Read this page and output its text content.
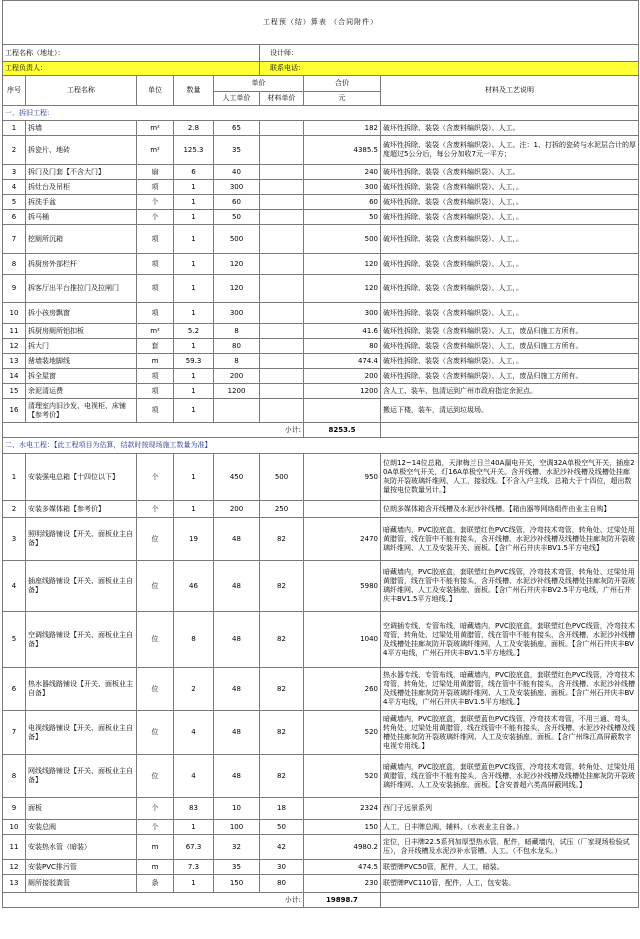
工程预（结）算表 （合同附件）							
工程名称（地址）：					设计师：		
工程负责人：					联系电话：		
序号	工程名称	单位	数量	单价		合价	材料及工艺说明
				人工单价	材料单价	元	
一、拆旧工程:							
1	拆墙	m²	2.8	65		182	破坏性拆除、装袋（含废料编织袋）、人工。
2	拆瓷片、地砖	m²	125.3	35		4385.5	破坏性拆除、装袋（含废料编织袋）、人工。注：1、打拆的瓷砖与水泥层合计的厚度超过5公分后，每公分加收7元一平方；
3	拆门及门套【不含大门】	扇	6	40		240	破坏性拆除、装袋（含废料编织袋）、人工。
4	拆灶台及吊柜	项	1	300		300	破坏性拆除、装袋（含废料编织袋）、人工，。
5	拆洗手盆	个	1	60		60	破坏性拆除、装袋（含废料编织袋）、人工，。
6	拆马桶	个	1	50		50	破坏性拆除、装袋（含废料编织袋）、人工，。
7	挖厕所沉箱	项	1	500		500	破坏性拆除、装袋（含废料编织袋）、人工，。
8	拆厨房外部栏杆	项	1	120		120	破坏性拆除、装袋（含废料编织袋）、人工，。
9	拆客厅出平台推拉门及拉闸门	项	1	120		120	破坏性拆除、装袋（含废料编织袋）、人工，。
10	拆小孩房飘窗	项	1	300		300	破坏性拆除、装袋（含废料编织袋）、人工，。
11	拆厨房厕所铝扣板	m²	5.2	8		41.6	破坏性拆除、装袋（含废料编织袋）、人工，废品归施工方所有。
12	拆大门	套	1	80		80	破坏性拆除、装袋（含废料编织袋）、人工，废品归施工方所有。
13	凿墙装地脚线	m	59.3	8		474.4	破坏性拆除、装袋（含废料编织袋）、人工，。
14	拆全屋窗	项	1	200		200	破坏性拆除、装袋（含废料编织袋）、人工，废品归施工方所有。
15	余泥清运费	项	1	1200		1200	含人工、装车、包清运到广州市政府指定余泥点。
16	清理室内旧沙发、电视柜、床铺【参考价】	项	1				搬运下楼，装车，清运到垃圾场。
小计:						8253.5	
二、水电工程：【此工程项目为估算，结款时按现场施工数量为准】							
1	安装强电总箱【十四位以下】	个	1	450	500	950	位朗12~14位总箱，天津梅兰日兰40A漏电开关，空调32A单极空气开关，插座20A单极空气开关，灯16A单极空气开关。含开线槽、水泥沙补线槽及线槽处挂廊灰防开裂玻璃纤维网，人工，接驳线。【不含入户主线，总箱大于十四位，超出数量按电位数量另计。】
2	安装多媒体箱【参考价】	个	1	200	250		位朗多媒体箱含开线槽及水泥沙补线槽。【箱由器等网络组件由业主自购】
3	照明线路铺设【开关、面板业主自备】	位	19	48	82	2470	暗藏墙内，PVC胶底盒，套联塑红色PVC线管，冷弯技术弯管，转角处、过梁处用黄腊管，线在管中不能有接头，含开线槽、水泥沙补线槽及线槽处挂廊灰防开裂玻璃纤维网、人工及安装开关、面板。【含广州石井庆丰BV1.5平方电线】
4	插座线路铺设【开关、面板业主自备】	位	46	48	82	5980	暗藏墙内，PVC胶底盒，套联塑红色PVC线管，冷弯技术弯管，转角处、过梁处用黄腊管，线在管中不能有接头，含开线槽、水泥沙补线槽及线槽处挂廊灰防开裂玻璃纤维网、人工及安装插座、面板。【含广州石井庆丰BV2.5平方电线，广州石井庆丰BV1.5平方地线。】
5	空调线路铺设【开关、面板业主自备】	位	8	48	82	1040	空调插专线、专管布线，暗藏墙内，PVC胶底盒，套联塑红色PVC线管，冷弯技术弯管，转角处、过梁处用黄腊管，线在管中不能有接头，含开线槽、水泥沙补线槽及线槽处挂廊灰防开裂玻璃纤维网、人工及安装插座、面板。【含广州石井庆丰BV4平方电线，广州石井庆丰BV1.5平方地线。】
6	热水器线路铺设【开关、面板业主自备】	位	2	48	82	260	热水器专线、专管布线，暗藏墙内，PVC胶底盒，套联塑红色PVC线管，冷弯技术弯管，转角处、过梁处用黄腊管，线在管中不能有接头，含开线槽、水泥沙补线槽及线槽处挂廊灰防开裂玻璃纤维网、人工及安装插座、面板。【含广州石井庆丰BV4平方电线，广州石井庆丰BV1.5平方地线。】
7	电视线路铺设【开关、面板业主自备】	位	4	48	82	520	暗藏墙内，PVC胶底盒，套联塑蓝色PVC线管，冷弯技术弯管，不用三通、弯头，转角处、过梁处用黄腊管，线在线管中不能有接头，含开线槽、水泥沙补线槽及线槽处挂廊灰防开裂玻璃纤维网、人工及安装插座、面板。【含广州珠江高屏蔽数字电视专用线。】
8	网线线路铺设【开关、面板业主自备】	位	4	48	82	520	暗藏墙内，PVC胶底盒，套联塑蓝色PVC线管，冷弯技术弯管，转角处、过梁处用黄腊管，线在管中不能有接头，含开线槽、水泥沙补线槽及线槽处挂廊灰防开裂玻璃纤维网、人工及安装插座、面板。【含安普超六类高屏蔽网线。】
9	面板	个	83	10	18	2324	西门子远景系列
10	安装总阀	个	1	100	50	150	人工，日丰牌总阀，辅料，（水表业主自备。）
11	安装热水管（暗装）	m	67.3	32	42	4980.2	定位，日丰牌22.5系列加厚型热水管，配件，暗藏墙内，试压（厂家现场检验试压），含开线槽及水泥沙补水管槽、人工。（不包水龙头。）
12	安装PVC排污管	m	7.3	35	30	474.5	联塑牌PVC50管，配件，人工，暗装。
13	厕所接驳粪管	条	1	150	80	230	联塑牌PVC110管，配件，人工，包安装。
小计:						19898.7	
